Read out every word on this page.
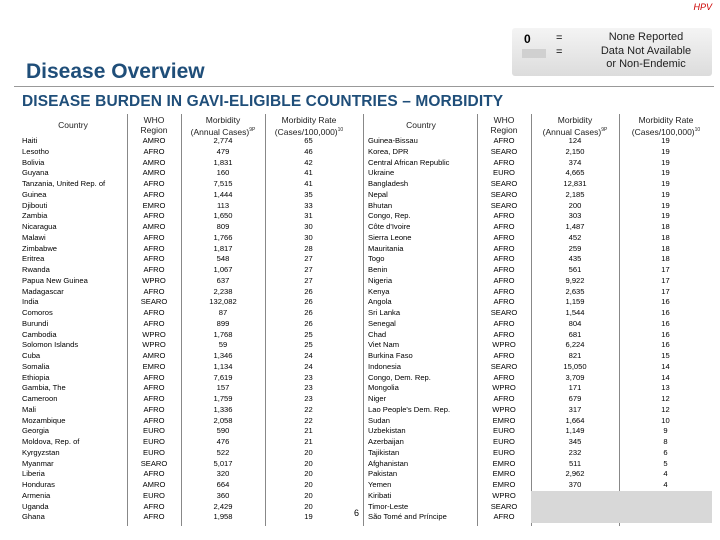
HPV
0 =
=
None Reported
Data Not Available
or Non-Endemic
Disease Overview
DISEASE BURDEN IN GAVI-ELIGIBLE COUNTRIES – MORBIDITY
Country	WHO
Region
Morbidity
(Annual Cases)$^{9P}$
Morbidity Rate
(Cases/100,000)$^{10}$	Country	WHO
Region
Morbidity
(Annual Cases)$^{9P}$
Morbidity Rate
(Cases/100,000)$^{10}$
Haiti	AMRO	2,774	65
Lesotho	AFRO	479	46
Bolivia	AMRO	1,831	42
Guyana	AMRO	160	41
Tanzania, United Rep. of	AFRO	7,515	41
Guinea	AFRO	1,444	35
Djibouti	EMRO	113	33
Zambia	AFRO	1,650	31
Nicaragua	AMRO	809	30
Malawi	AFRO	1,766	30
Zimbabwe	AFRO	1,817	28
Eritrea	AFRO	548	27
Rwanda	AFRO	1,067	27
Papua New Guinea	WPRO	637	27
Madagascar	AFRO	2,238	26
India	SEARO	132,082	26
Comoros	AFRO	87	26
Burundi	AFRO	899	26
Cambodia	WPRO	1,768	25
Solomon Islands	WPRO	59	25
Cuba	AMRO	1,346	24
Somalia	EMRO	1,134	24
Ethiopia	AFRO	7,619	23
Gambia, The	AFRO	157	23
Cameroon	AFRO	1,759	23
Mali	AFRO	1,336	22
Mozambique	AFRO	2,058	22
Georgia	EURO	590	21
Moldova, Rep. of	EURO	476	21
Kyrgyzstan	EURO	522	20
Myanmar	SEARO	5,017	20
Liberia	AFRO	320	20
Honduras	AMRO	664	20
Armenia	EURO	360	20
Uganda	AFRO	2,429	20
Ghana	AFRO	1,958	19
Guinea-Bissau	AFRO	124	19
Korea, DPR	SEARO	2,150	19
Central African Republic	AFRO	374	19
Ukraine	EURO	4,665	19
Bangladesh	SEARO	12,831	19
Nepal	SEARO	2,185	19
Bhutan	SEARO	200	19
Congo, Rep.	AFRO	303	19
Côte d'Ivoire	AFRO	1,487	18
Sierra Leone	AFRO	452	18
Mauritania	AFRO	259	18
Togo	AFRO	435	18
Benin	AFRO	561	17
Nigeria	AFRO	9,922	17
Kenya	AFRO	2,635	17
Angola	AFRO	1,159	16
Sri Lanka	SEARO	1,544	16
Senegal	AFRO	804	16
Chad	AFRO	681	16
Viet Nam	WPRO	6,224	16
Burkina Faso	AFRO	821	15
Indonesia	SEARO	15,050	14
Congo, Dem. Rep.	AFRO	3,709	14
Mongolia	WPRO	171	13
Niger	AFRO	679	12
Lao People's Dem. Rep.	WPRO	317	12
Sudan	EMRO	1,664	10
Uzbekistan	EURO	1,149	9
Azerbaijan	EURO	345	8
Tajikistan	EURO	232	6
Afghanistan	EMRO	511	5
Pakistan	EMRO	2,962	4
Yemen	EMRO	370	4
Kiribati	WPRO		
Timor-Leste	SEARO		
São Tomé and Príncipe	AFRO		
6
